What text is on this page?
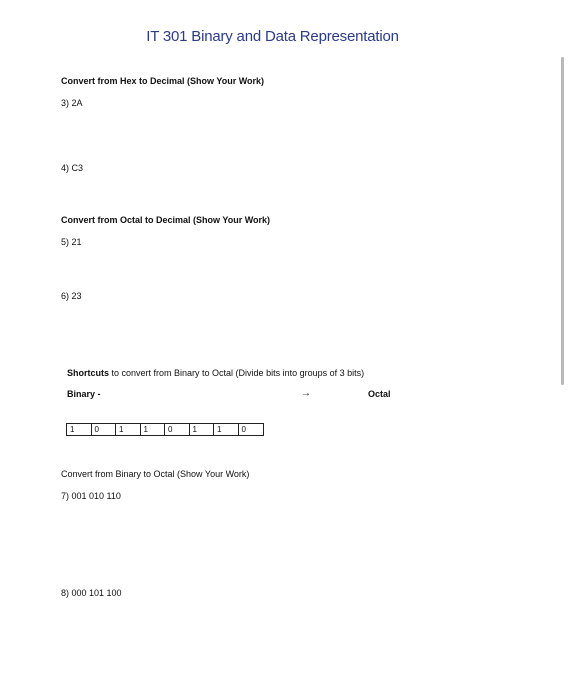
IT 301 Binary and Data Representation
Convert from Hex to Decimal (Show Your Work)
3) 2A
4) C3
Convert from Octal to Decimal (Show Your Work)
5) 21
6) 23
Shortcuts to convert from Binary to Octal (Divide bits into groups of 3 bits)
Binary -	→	Octal
1	0	1	1	0	1	1	0
Convert from Binary to Octal (Show Your Work)
7) 001 010 110
8) 000 101 100
